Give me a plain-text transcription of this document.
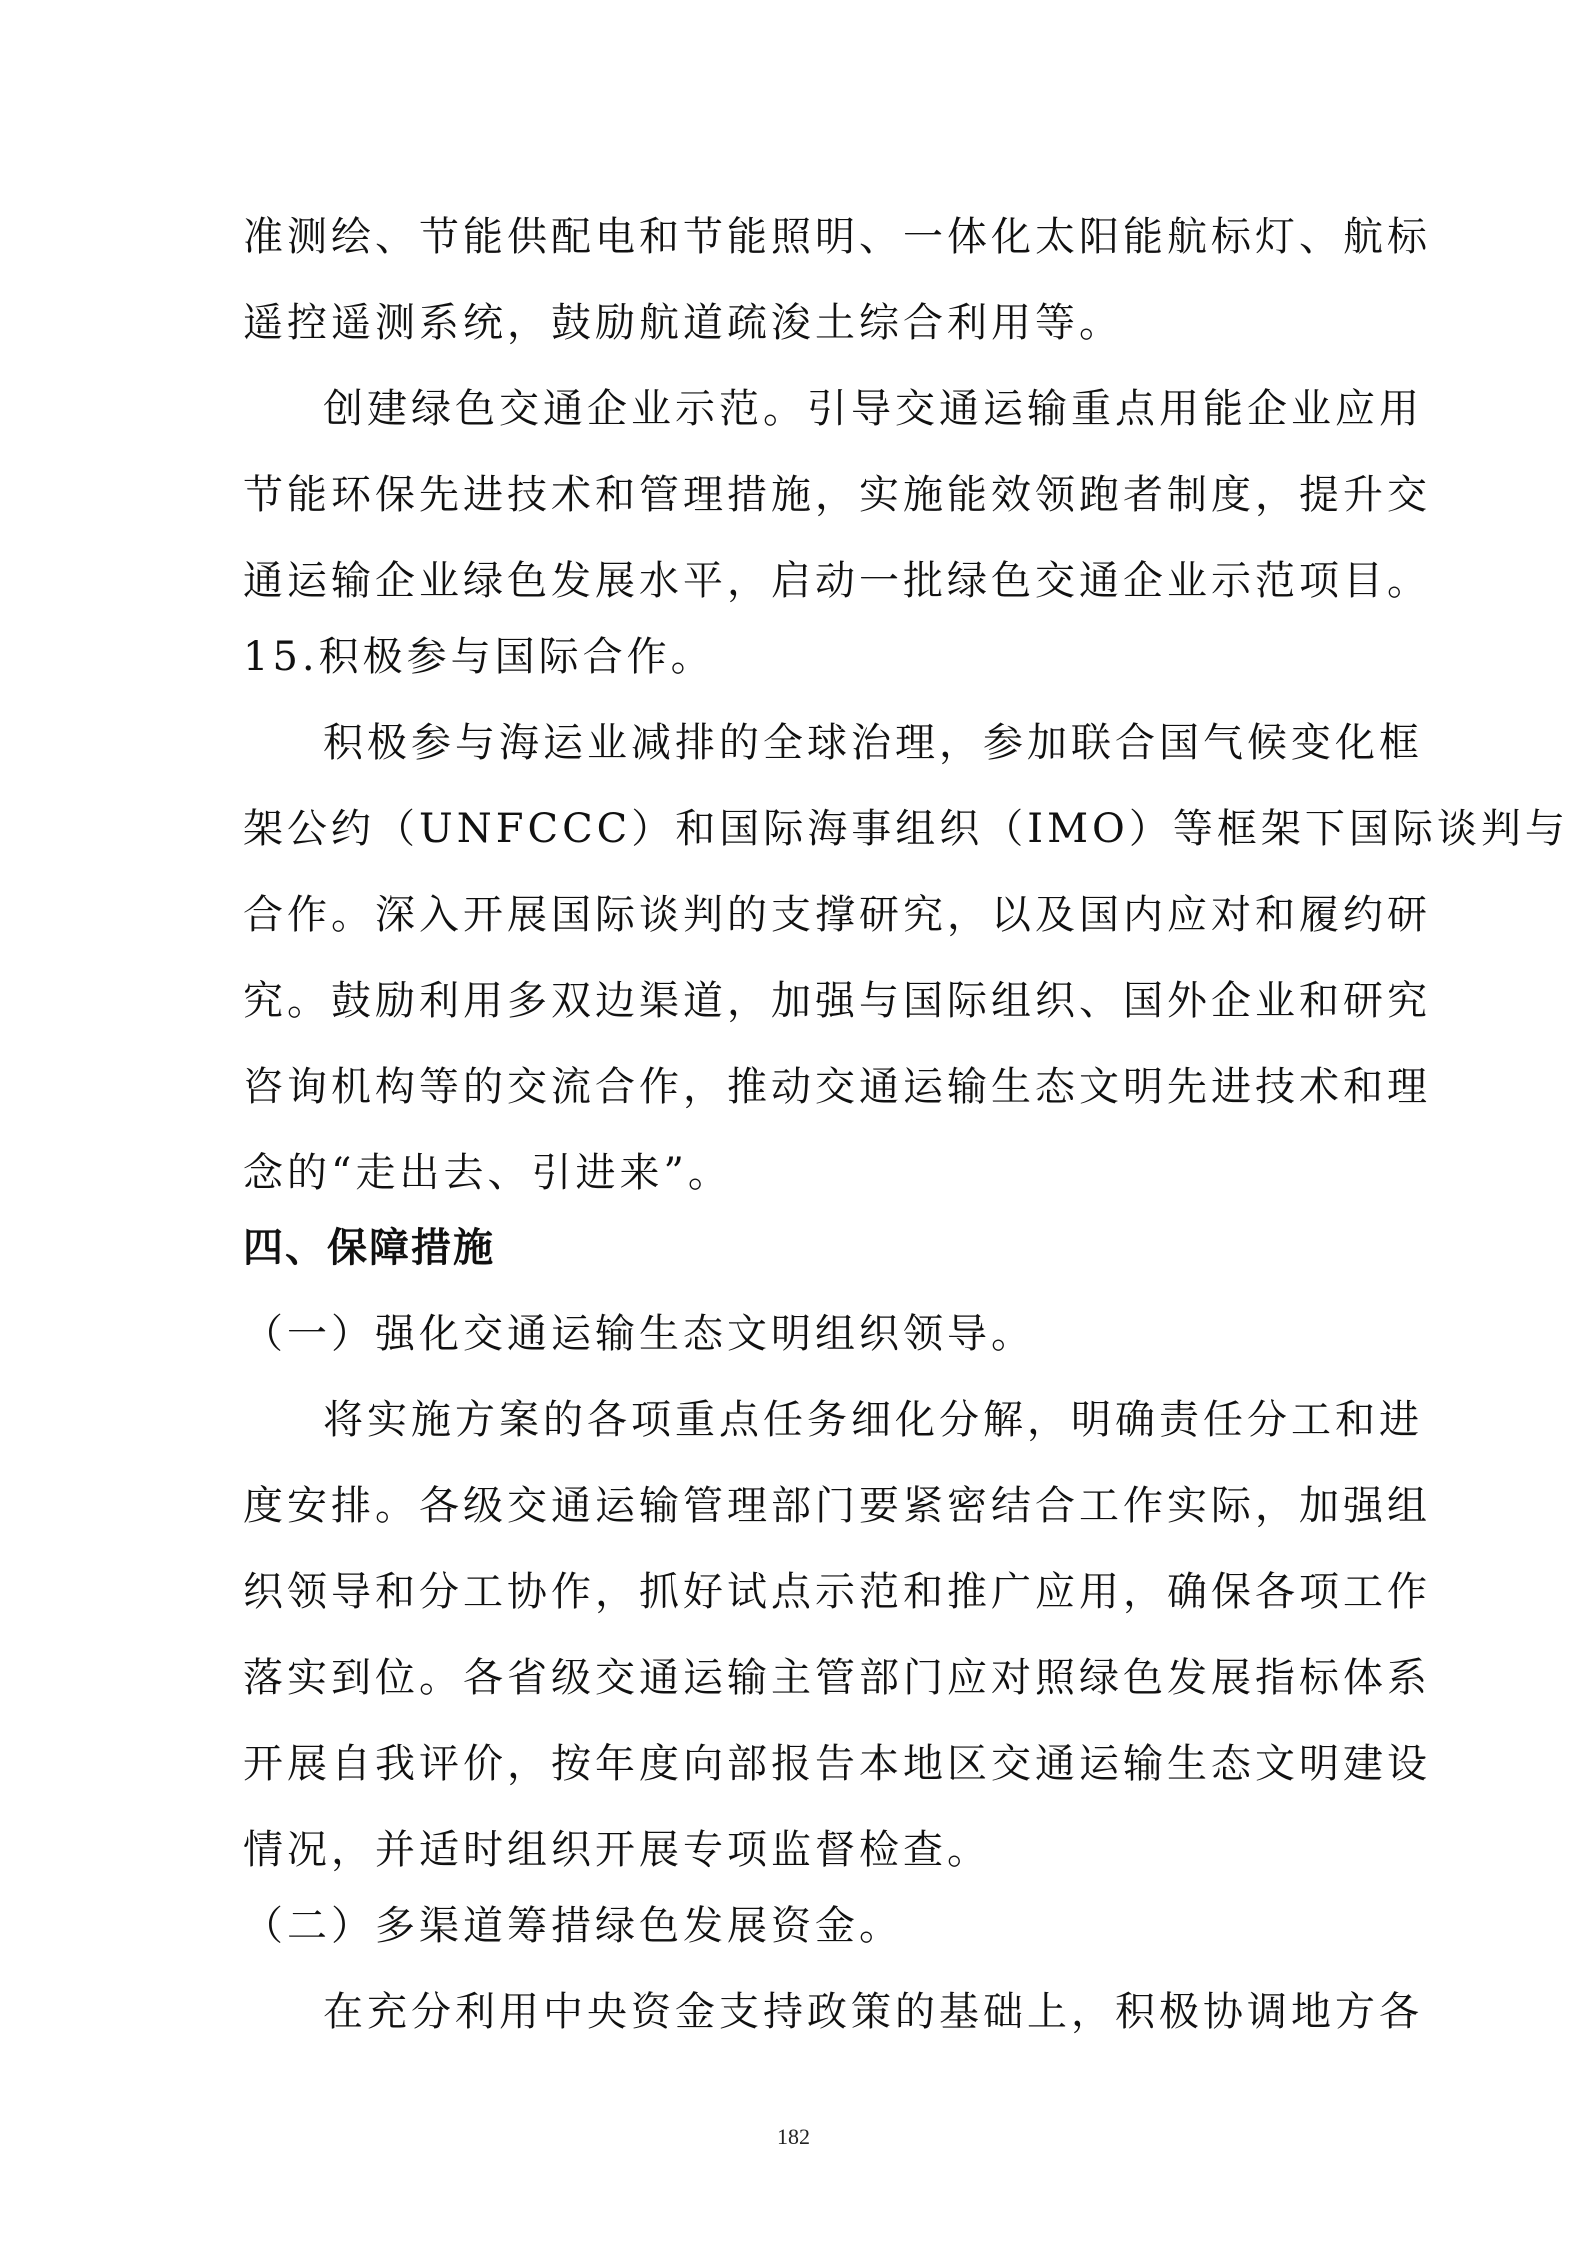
准测绘、节能供配电和节能照明、一体化太阳能航标灯、航标
遥控遥测系统，鼓励航道疏浚土综合利用等。
创建绿色交通企业示范。引导交通运输重点用能企业应用
节能环保先进技术和管理措施，实施能效领跑者制度，提升交
通运输企业绿色发展水平，启动一批绿色交通企业示范项目。
15.积极参与国际合作。
积极参与海运业减排的全球治理，参加联合国气候变化框
架公约（UNFCCC）和国际海事组织（IMO）等框架下国际谈判与
合作。深入开展国际谈判的支撑研究，以及国内应对和履约研
究。鼓励利用多双边渠道，加强与国际组织、国外企业和研究
咨询机构等的交流合作，推动交通运输生态文明先进技术和理
念的“走出去、引进来”。
四、保障措施
（一）强化交通运输生态文明组织领导。
将实施方案的各项重点任务细化分解，明确责任分工和进
度安排。各级交通运输管理部门要紧密结合工作实际，加强组
织领导和分工协作，抓好试点示范和推广应用，确保各项工作
落实到位。各省级交通运输主管部门应对照绿色发展指标体系
开展自我评价，按年度向部报告本地区交通运输生态文明建设
情况，并适时组织开展专项监督检查。
（二）多渠道筹措绿色发展资金。
在充分利用中央资金支持政策的基础上，积极协调地方各
182
